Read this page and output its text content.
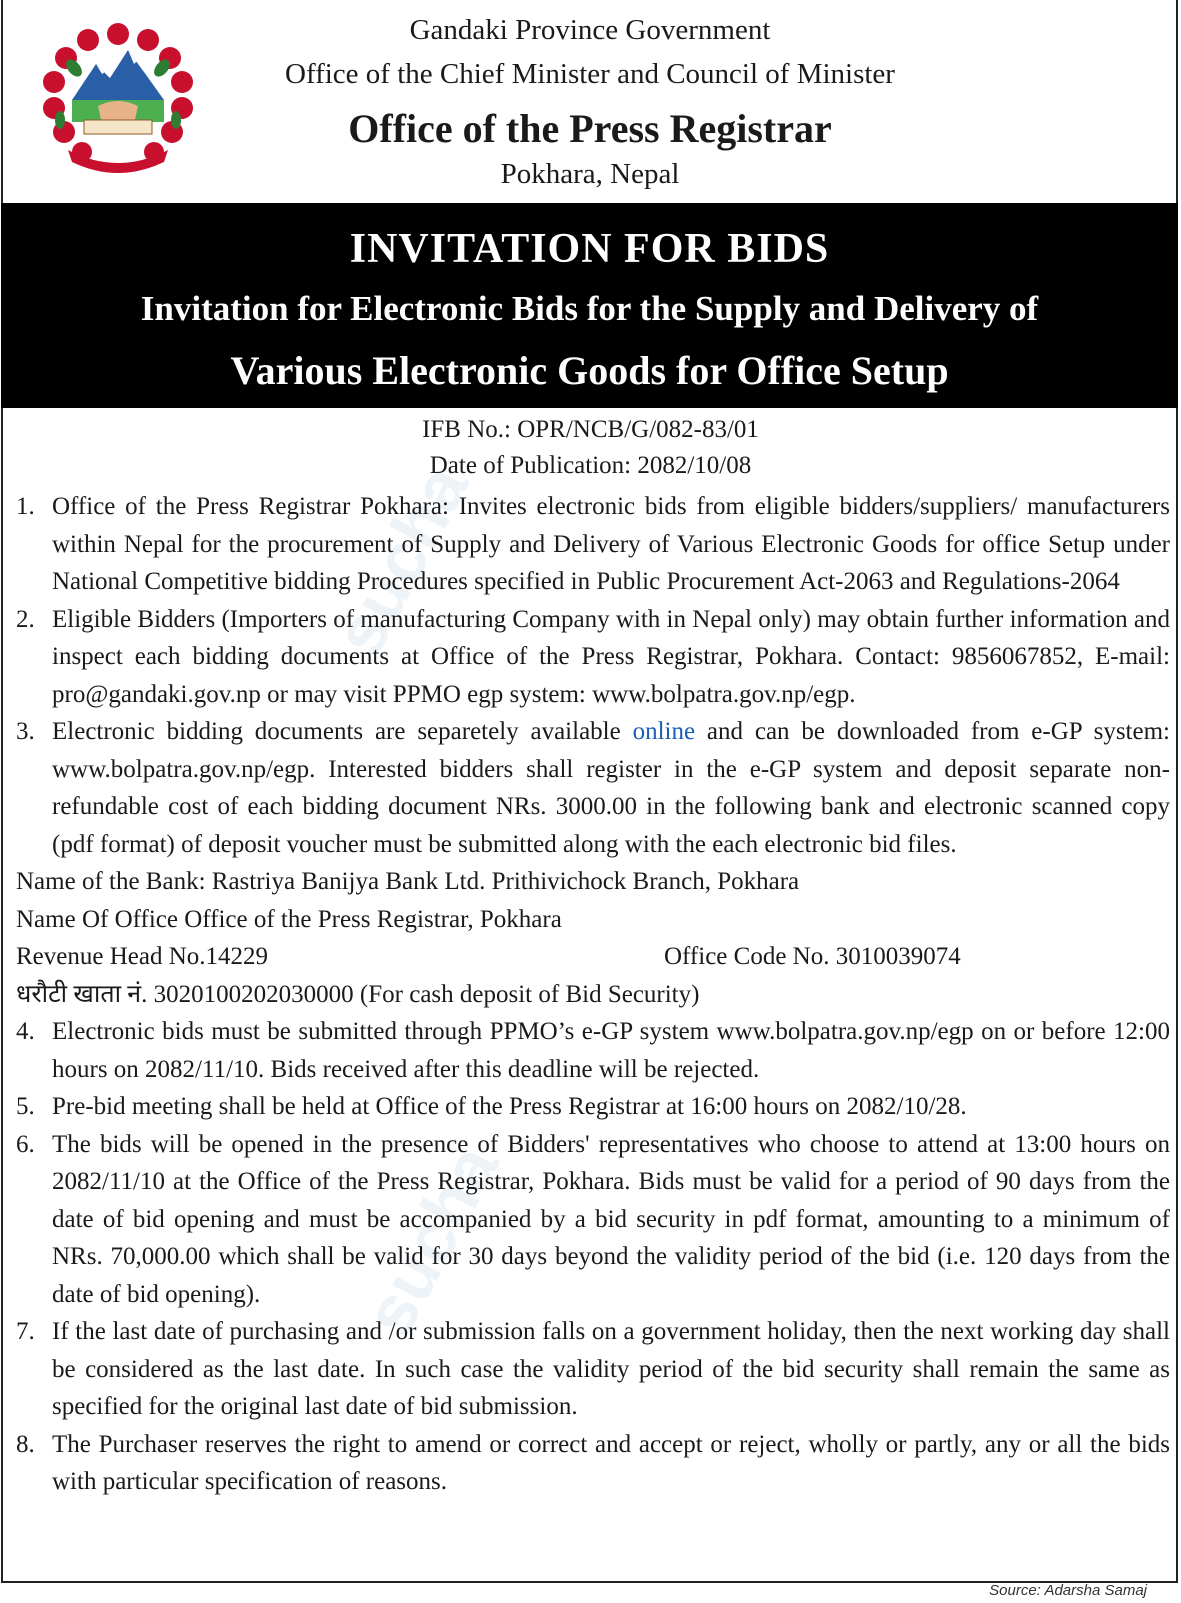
sucha
sucha
Gandaki Province Government
Office of the Chief Minister and Council of Minister
Office of the Press Registrar
Pokhara, Nepal
INVITATION FOR BIDS
Invitation for Electronic Bids for the Supply and Delivery of
Various Electronic Goods for Office Setup
IFB No.: OPR/NCB/G/082-83/01
Date of Publication: 2082/10/08
1. Office of the Press Registrar Pokhara: Invites electronic bids from eligible bidders/suppliers/ manufacturers within Nepal for the procurement of Supply and Delivery of Various Electronic Goods for office Setup under National Competitive bidding Procedures specified in Public Procurement Act-2063 and Regulations-2064
2. Eligible Bidders (Importers of manufacturing Company with in Nepal only) may obtain further information and inspect each bidding documents at Office of the Press Registrar, Pokhara. Contact: 9856067852, E-mail: pro@gandaki.gov.np or may visit PPMO egp system: www.bolpatra.gov.np/egp.
3. Electronic bidding documents are separetely available online and can be downloaded from e-GP system: www.bolpatra.gov.np/egp. Interested bidders shall register in the e-GP system and deposit separate non-refundable cost of each bidding document NRs. 3000.00 in the following bank and electronic scanned copy (pdf format) of deposit voucher must be submitted along with the each electronic bid files.
Name of the Bank: Rastriya Banijya Bank Ltd. Prithivichock Branch, Pokhara
Name Of Office Office of the Press Registrar, Pokhara
Revenue Head No.14229	Office Code No. 3010039074
धरौटी खाता नं. 3020100202030000 (For cash deposit of Bid Security)
4. Electronic bids must be submitted through PPMO’s e-GP system www.bolpatra.gov.np/egp on or before 12:00 hours on 2082/11/10. Bids received after this deadline will be rejected.
5. Pre-bid meeting shall be held at Office of the Press Registrar at 16:00 hours on 2082/10/28.
6. The bids will be opened in the presence of Bidders' representatives who choose to attend at 13:00 hours on 2082/11/10 at the Office of the Press Registrar, Pokhara. Bids must be valid for a period of 90 days from the date of bid opening and must be accompanied by a bid security in pdf format, amounting to a minimum of NRs. 70,000.00 which shall be valid for 30 days beyond the validity period of the bid (i.e. 120 days from the date of bid opening).
7. If the last date of purchasing and /or submission falls on a government holiday, then the next working day shall be considered as the last date. In such case the validity period of the bid security shall remain the same as specified for the original last date of bid submission.
8. The Purchaser reserves the right to amend or correct and accept or reject, wholly or partly, any or all the bids with particular specification of reasons.
Source: Adarsha Samaj
